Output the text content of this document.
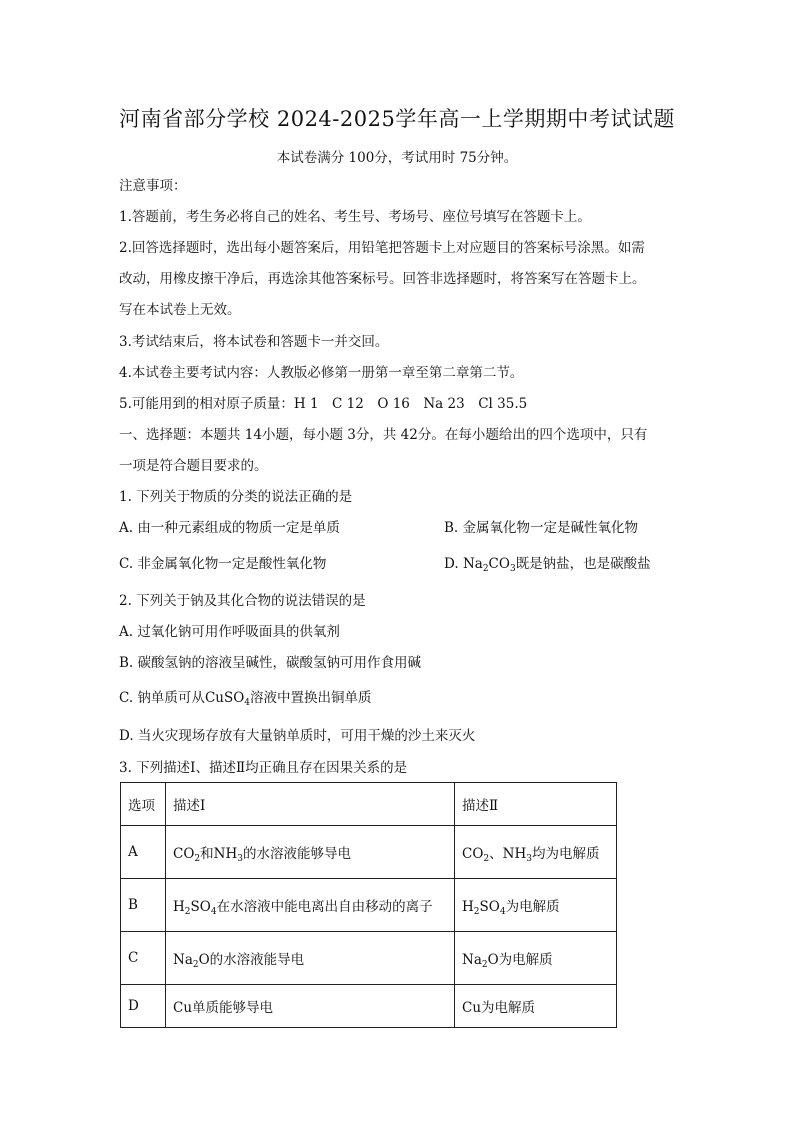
河南省部分学校 2024-2025学年高一上学期期中考试试题
本试卷满分 100分，考试用时 75分钟。
注意事项：
1.答题前，考生务必将自己的姓名、考生号、考场号、座位号填写在答题卡上。
2.回答选择题时，选出每小题答案后，用铅笔把答题卡上对应题目的答案标号涂黑。如需
改动，用橡皮擦干净后，再选涂其他答案标号。回答非选择题时，将答案写在答题卡上。
写在本试卷上无效。
3.考试结束后，将本试卷和答题卡一并交回。
4.本试卷主要考试内容：人教版必修第一册第一章至第二章第二节。
5.可能用到的相对原子质量：H 1　C 12　O 16　Na 23　Cl 35.5
一、选择题：本题共 14小题，每小题 3分，共 42分。在每小题给出的四个选项中，只有
一项是符合题目要求的。
1. 下列关于物质的分类的说法正确的是
A. 由一种元素组成的物质一定是单质	B. 金属氧化物一定是碱性氧化物
C. 非金属氧化物一定是酸性氧化物	D. $Na_2CO_3$既是钠盐，也是碳酸盐
2. 下列关于钠及其化合物的说法错误的是
A. 过氧化钠可用作呼吸面具的供氧剂
B. 碳酸氢钠的溶液呈碱性，碳酸氢钠可用作食用碱
C. 钠单质可从CuSO$_4$溶液中置换出铜单质
D. 当火灾现场存放有大量钠单质时，可用干燥的沙土来灭火
3. 下列描述Ⅰ、描述Ⅱ均正确且存在因果关系的是
选项	描述Ⅰ	描述Ⅱ
A	$CO_2$和$NH_3$的水溶液能够导电	$CO_2$、$NH_3$均为电解质
B	$H_2SO_4$在水溶液中能电离出自由移动的离子	$H_2SO_4$为电解质
C	$Na_2O$的水溶液能导电	$Na_2O$为电解质
D	Cu单质能够导电	Cu为电解质
